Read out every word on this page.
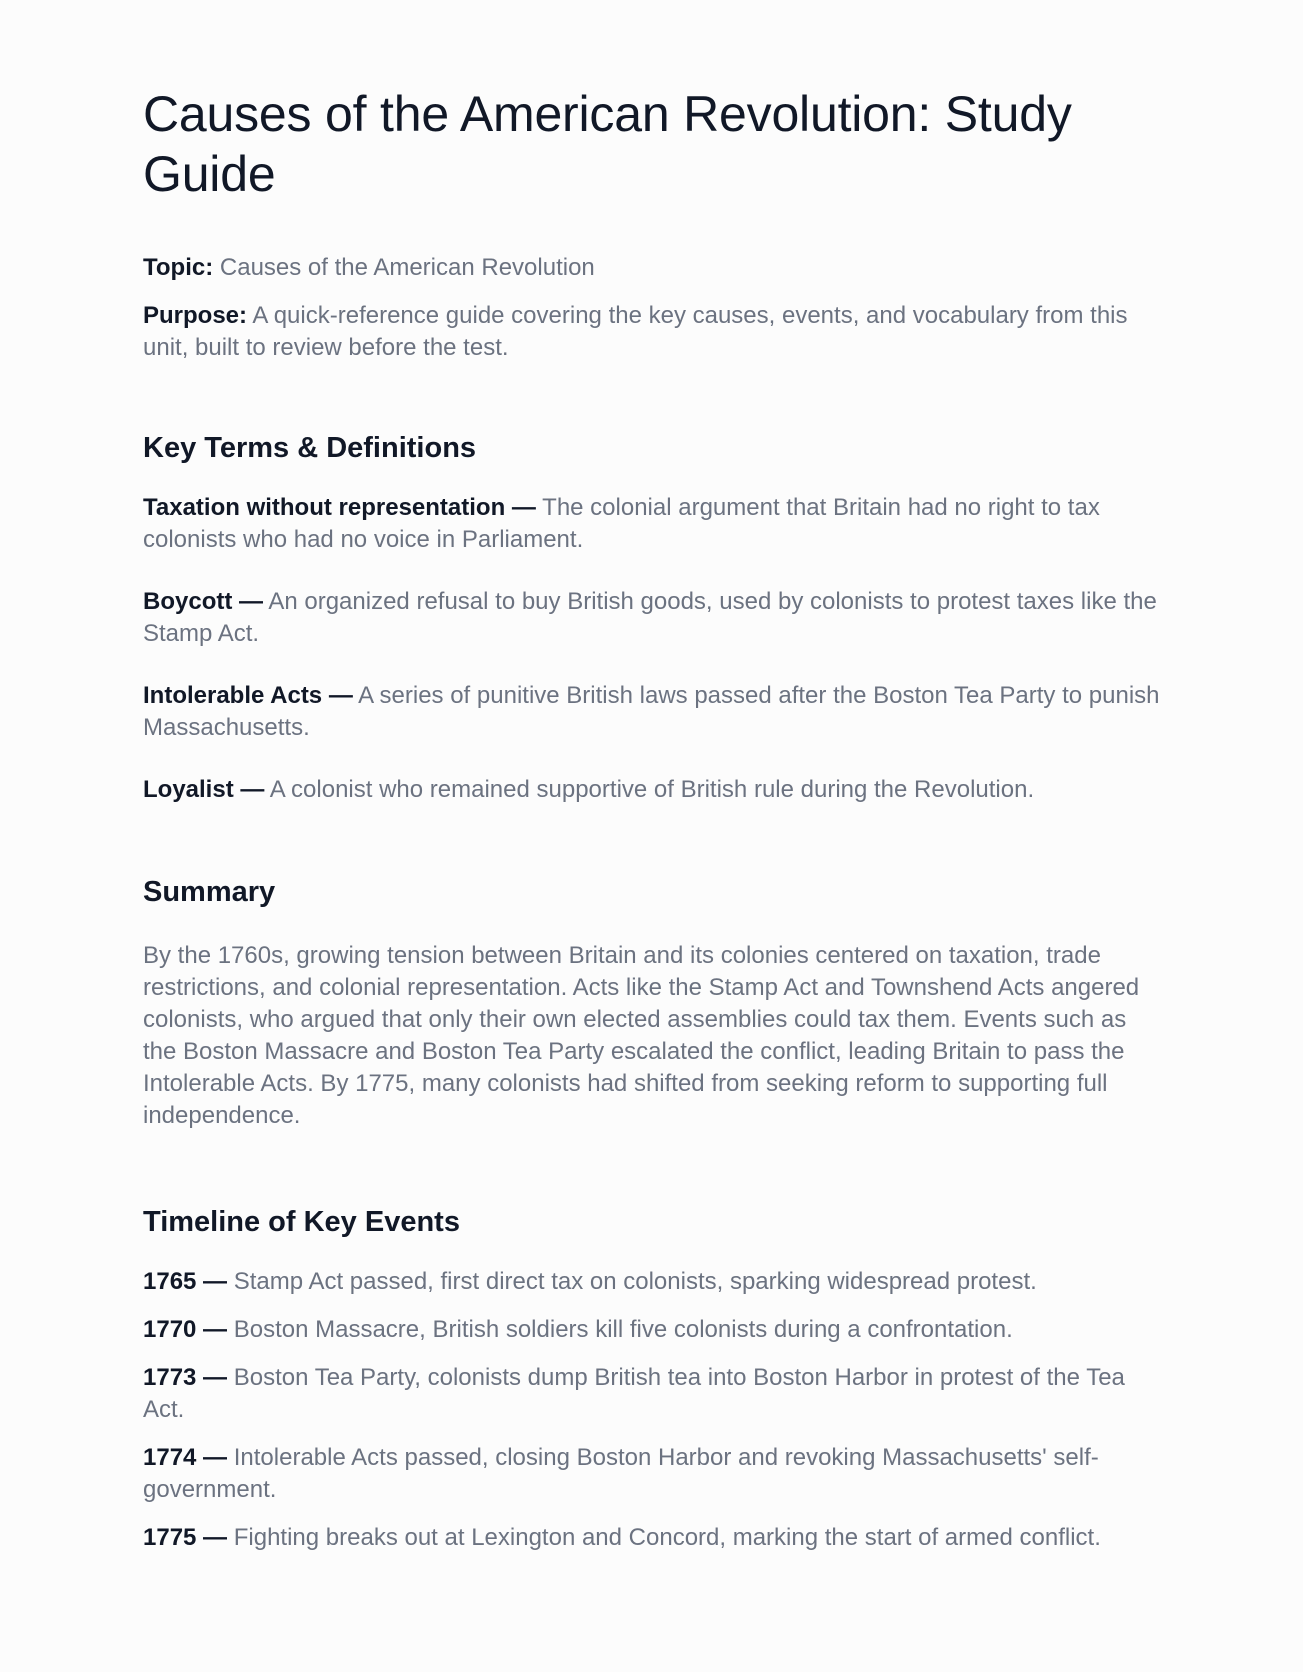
Causes of the American Revolution: Study Guide

Topic: Causes of the American Revolution

Purpose: A quick-reference guide covering the key causes, events, and vocabulary from this unit, built to review before the test.

Key Terms & Definitions

Taxation without representation — The colonial argument that Britain had no right to tax colonists who had no voice in Parliament.

Boycott — An organized refusal to buy British goods, used by colonists to protest taxes like the Stamp Act.

Intolerable Acts — A series of punitive British laws passed after the Boston Tea Party to punish Massachusetts.

Loyalist — A colonist who remained supportive of British rule during the Revolution.

Summary

By the 1760s, growing tension between Britain and its colonies centered on taxation, trade restrictions, and colonial representation. Acts like the Stamp Act and Townshend Acts angered colonists, who argued that only their own elected assemblies could tax them. Events such as the Boston Massacre and Boston Tea Party escalated the conflict, leading Britain to pass the Intolerable Acts. By 1775, many colonists had shifted from seeking reform to supporting full independence.

Timeline of Key Events

1765 — Stamp Act passed, first direct tax on colonists, sparking widespread protest.

1770 — Boston Massacre, British soldiers kill five colonists during a confrontation.

1773 — Boston Tea Party, colonists dump British tea into Boston Harbor in protest of the Tea Act.

1774 — Intolerable Acts passed, closing Boston Harbor and revoking Massachusetts' self-government.

1775 — Fighting breaks out at Lexington and Concord, marking the start of armed conflict.
